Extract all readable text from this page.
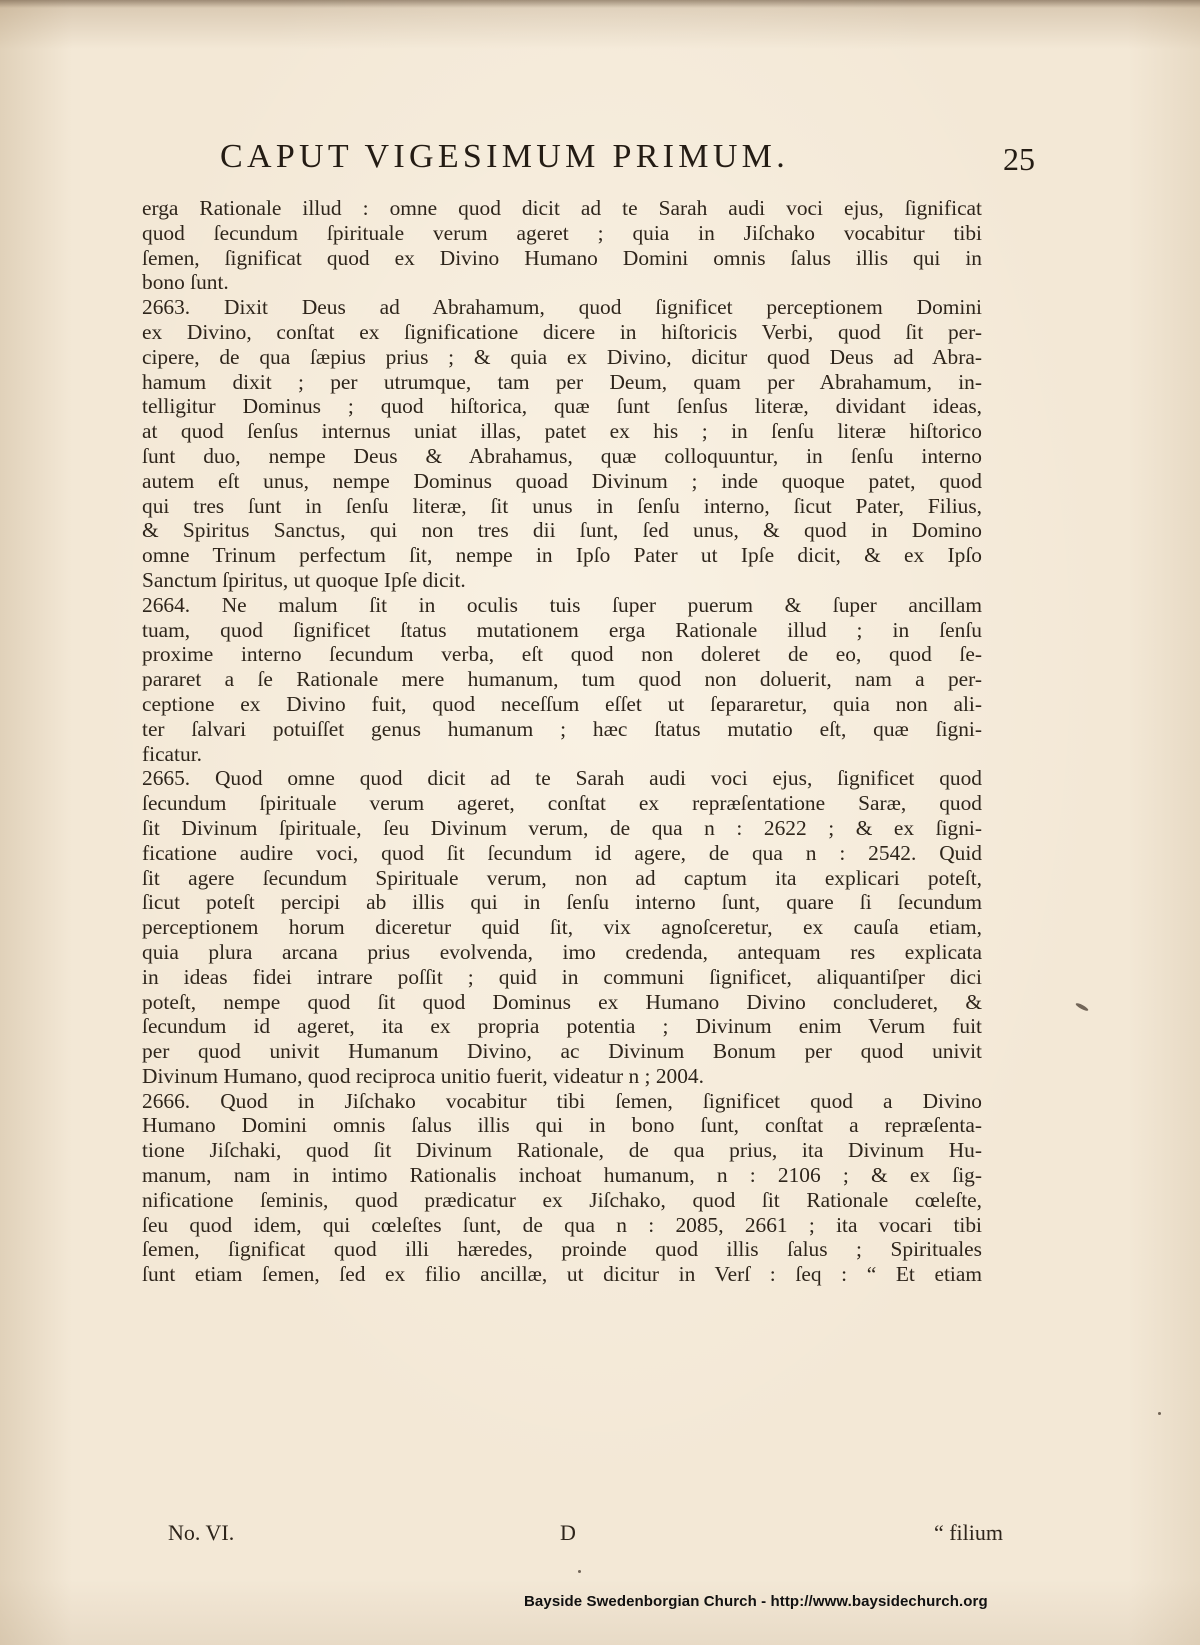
CAPUT VIGESIMUM PRIMUM.	25
erga Rationale illud : omne quod dicit ad te Sarah audi voci ejus, ſignificat
quod ſecundum ſpirituale verum ageret ; quia in Jiſchako vocabitur tibi
ſemen, ſignificat quod ex Divino Humano Domini omnis ſalus illis qui in
bono ſunt.
2663. Dixit Deus ad Abrahamum, quod ſignificet perceptionem Domini
ex Divino, conſtat ex ſignificatione dicere in hiſtoricis Verbi, quod ſit per-
cipere, de qua ſæpius prius ; & quia ex Divino, dicitur quod Deus ad Abra-
hamum dixit ; per utrumque, tam per Deum, quam per Abrahamum, in-
telligitur Dominus ; quod hiſtorica, quæ ſunt ſenſus literæ, dividant ideas,
at quod ſenſus internus uniat illas, patet ex his ; in ſenſu literæ hiſtorico
ſunt duo, nempe Deus & Abrahamus, quæ colloquuntur, in ſenſu interno
autem eſt unus, nempe Dominus quoad Divinum ; inde quoque patet, quod
qui tres ſunt in ſenſu literæ, ſit unus in ſenſu interno, ſicut Pater, Filius,
& Spiritus Sanctus, qui non tres dii ſunt, ſed unus, & quod in Domino
omne Trinum perfectum ſit, nempe in Ipſo Pater ut Ipſe dicit, & ex Ipſo
Sanctum ſpiritus, ut quoque Ipſe dicit.
2664. Ne malum ſit in oculis tuis ſuper puerum & ſuper ancillam
tuam, quod ſignificet ſtatus mutationem erga Rationale illud ; in ſenſu
proxime interno ſecundum verba, eſt quod non doleret de eo, quod ſe-
pararet a ſe Rationale mere humanum, tum quod non doluerit, nam a per-
ceptione ex Divino fuit, quod neceſſum eſſet ut ſepararetur, quia non ali-
ter ſalvari potuiſſet genus humanum ; hæc ſtatus mutatio eſt, quæ ſigni-
ficatur.
2665. Quod omne quod dicit ad te Sarah audi voci ejus, ſignificet quod
ſecundum ſpirituale verum ageret, conſtat ex repræſentatione Saræ, quod
ſit Divinum ſpirituale, ſeu Divinum verum, de qua n : 2622 ; & ex ſigni-
ficatione audire voci, quod ſit ſecundum id agere, de qua n : 2542. Quid
ſit agere ſecundum Spirituale verum, non ad captum ita explicari poteſt,
ſicut poteſt percipi ab illis qui in ſenſu interno ſunt, quare ſi ſecundum
perceptionem horum diceretur quid ſit, vix agnoſceretur, ex cauſa etiam,
quia plura arcana prius evolvenda, imo credenda, antequam res explicata
in ideas fidei intrare poſſit ; quid in communi ſignificet, aliquantiſper dici
poteſt, nempe quod ſit quod Dominus ex Humano Divino concluderet, &
ſecundum id ageret, ita ex propria potentia ; Divinum enim Verum fuit
per quod univit Humanum Divino, ac Divinum Bonum per quod univit
Divinum Humano, quod reciproca unitio fuerit, videatur n ; 2004.
2666. Quod in Jiſchako vocabitur tibi ſemen, ſignificet quod a Divino
Humano Domini omnis ſalus illis qui in bono ſunt, conſtat a repræſenta-
tione Jiſchaki, quod ſit Divinum Rationale, de qua prius, ita Divinum Hu-
manum, nam in intimo Rationalis inchoat humanum, n : 2106 ; & ex ſig-
nificatione ſeminis, quod prædicatur ex Jiſchako, quod ſit Rationale cœleſte,
ſeu quod idem, qui cœleſtes ſunt, de qua n : 2085, 2661 ; ita vocari tibi
ſemen, ſignificat quod illi hæredes, proinde quod illis ſalus ; Spirituales
ſunt etiam ſemen, ſed ex filio ancillæ, ut dicitur in Verſ : ſeq : “ Et etiam
No. VI.	D	“ filium
Bayside Swedenborgian Church - http://www.baysidechurch.org
